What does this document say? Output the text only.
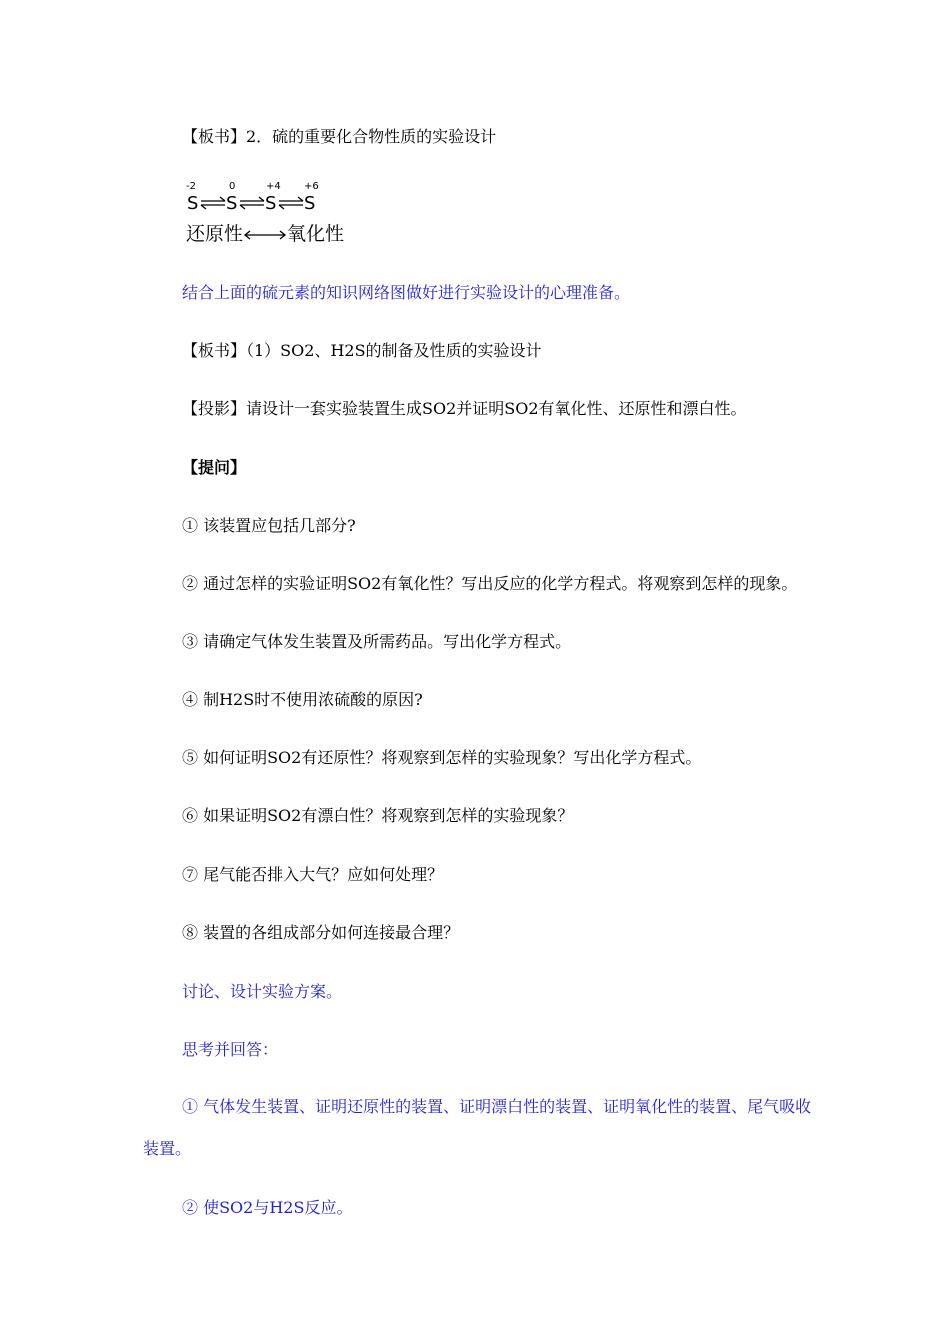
【板书】2．硫的重要化合物性质的实验设计
-2	0	+4 +6
S ⇌ S ⇌ S ⇌ S
还原性 氧化性
结合上面的硫元素的知识网络图做好进行实验设计的心理准备。
【板书】（1）SO2、H2S的制备及性质的实验设计
【投影】请设计一套实验装置生成SO2并证明SO2有氧化性、还原性和漂白性。
【提问】
① 该装置应包括几部分?
② 通过怎样的实验证明SO2有氧化性？写出反应的化学方程式。将观察到怎样的现象。
③ 请确定气体发生装置及所需药品。写出化学方程式。
④ 制H2S时不使用浓硫酸的原因?
⑤ 如何证明SO2有还原性？将观察到怎样的实验现象？写出化学方程式。
⑥ 如果证明SO2有漂白性？将观察到怎样的实验现象？
⑦ 尾气能否排入大气？应如何处理？
⑧ 装置的各组成部分如何连接最合理？
讨论、设计实验方案。
思考并回答：
① 气体发生装置、证明还原性的装置、证明漂白性的装置、证明氧化性的装置、尾气吸收装置。
② 使SO2与H2S反应。
